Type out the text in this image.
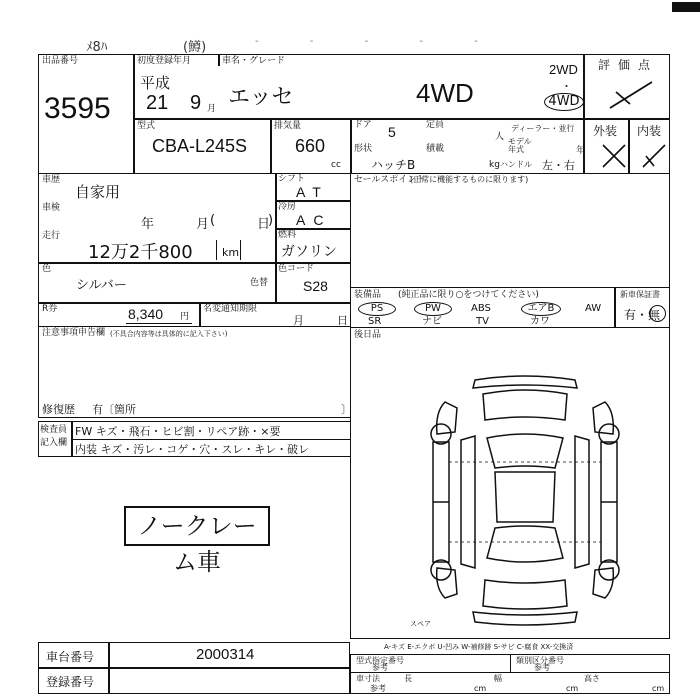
ﾒ8ﾊ	(鱒)	- - - - -
出品番号
3595
初度登録年月
平成
21 9 月
車名・グレード
エッセ	4WD
2WD
・
4WD
評価点
外装 内装
型式
CBA-L245S
排気量
660
cc
ドア 5	定員
人
ディーラー・並行
モデル年式	年
形状
ハッチB
積載
kg ハンドル 左・右
車歴
自家用
車検
年	月 (	日
)
走行
12万2千800	km
シフト
AT
冷房
AC
燃料
ガソリン
色
シルバー	色替
色コード
S28
R券	8,340 円
名変通知期限
月	日
セールスポイント
(正常に機能するものに限ります)
装備品 (純正品に限り○をつけてください)
PS	PW	ABS	エアB	AW
SR	ナビ	TV	カワ
新車保証書
有・無
注意事項申告欄 (不具合内容等は具体的に記入下さい)
修復歴 有〔箇所	〕
後日品
スペア
A-キズ E-エクボ U-凹み W-補修跡 S-サビ C-腐食 XX-交換済
検査員記入欄
FW キズ・飛石・ヒビ割・リペア跡・×要
内装 キズ・汚レ・コゲ・穴・スレ・キレ・破レ
ノークレーム車
車台番号	2000314
登録番号
型式指定番号
参考
類別区分番号
参考
車寸法
参考
長
cm
幅
cm
高さ
cm
